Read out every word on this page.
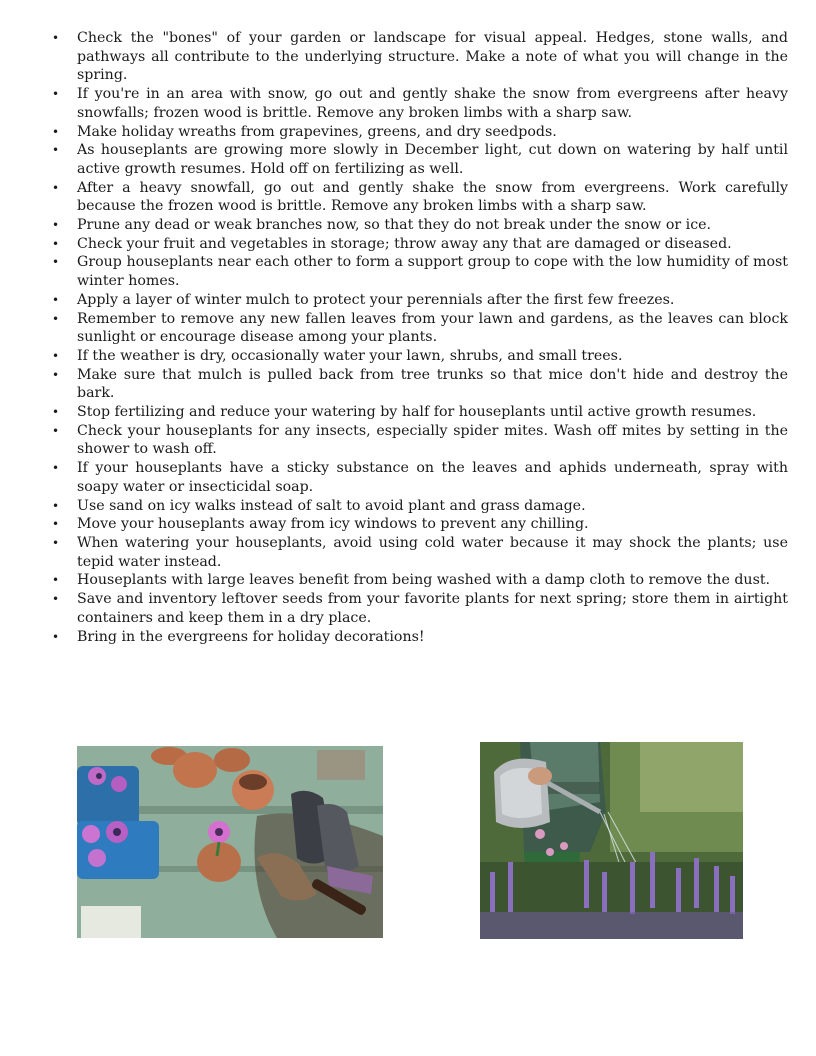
• Check the "bones" of your garden or landscape for visual appeal. Hedges, stone walls, and pathways all contribute to the underlying structure. Make a note of what you will change in the spring.
• If you're in an area with snow, go out and gently shake the snow from evergreens after heavy snowfalls; frozen wood is brittle. Remove any broken limbs with a sharp saw.
• Make holiday wreaths from grapevines, greens, and dry seedpods.
• As houseplants are growing more slowly in December light, cut down on watering by half until active growth resumes. Hold off on fertilizing as well.
• After a heavy snowfall, go out and gently shake the snow from evergreens. Work carefully because the frozen wood is brittle. Remove any broken limbs with a sharp saw.
• Prune any dead or weak branches now, so that they do not break under the snow or ice.
• Check your fruit and vegetables in storage; throw away any that are damaged or diseased.
• Group houseplants near each other to form a support group to cope with the low humidity of most winter homes.
• Apply a layer of winter mulch to protect your perennials after the first few freezes.
• Remember to remove any new fallen leaves from your lawn and gardens, as the leaves can block sunlight or encourage disease among your plants.
• If the weather is dry, occasionally water your lawn, shrubs, and small trees.
• Make sure that mulch is pulled back from tree trunks so that mice don't hide and destroy the bark.
• Stop fertilizing and reduce your watering by half for houseplants until active growth resumes.
• Check your houseplants for any insects, especially spider mites. Wash off mites by setting in the shower to wash off.
• If your houseplants have a sticky substance on the leaves and aphids underneath, spray with soapy water or insecticidal soap.
• Use sand on icy walks instead of salt to avoid plant and grass damage.
• Move your houseplants away from icy windows to prevent any chilling.
• When watering your houseplants, avoid using cold water because it may shock the plants; use tepid water instead.
• Houseplants with large leaves benefit from being washed with a damp cloth to remove the dust.
• Save and inventory leftover seeds from your favorite plants for next spring; store them in airtight containers and keep them in a dry place.
• Bring in the evergreens for holiday decorations!
